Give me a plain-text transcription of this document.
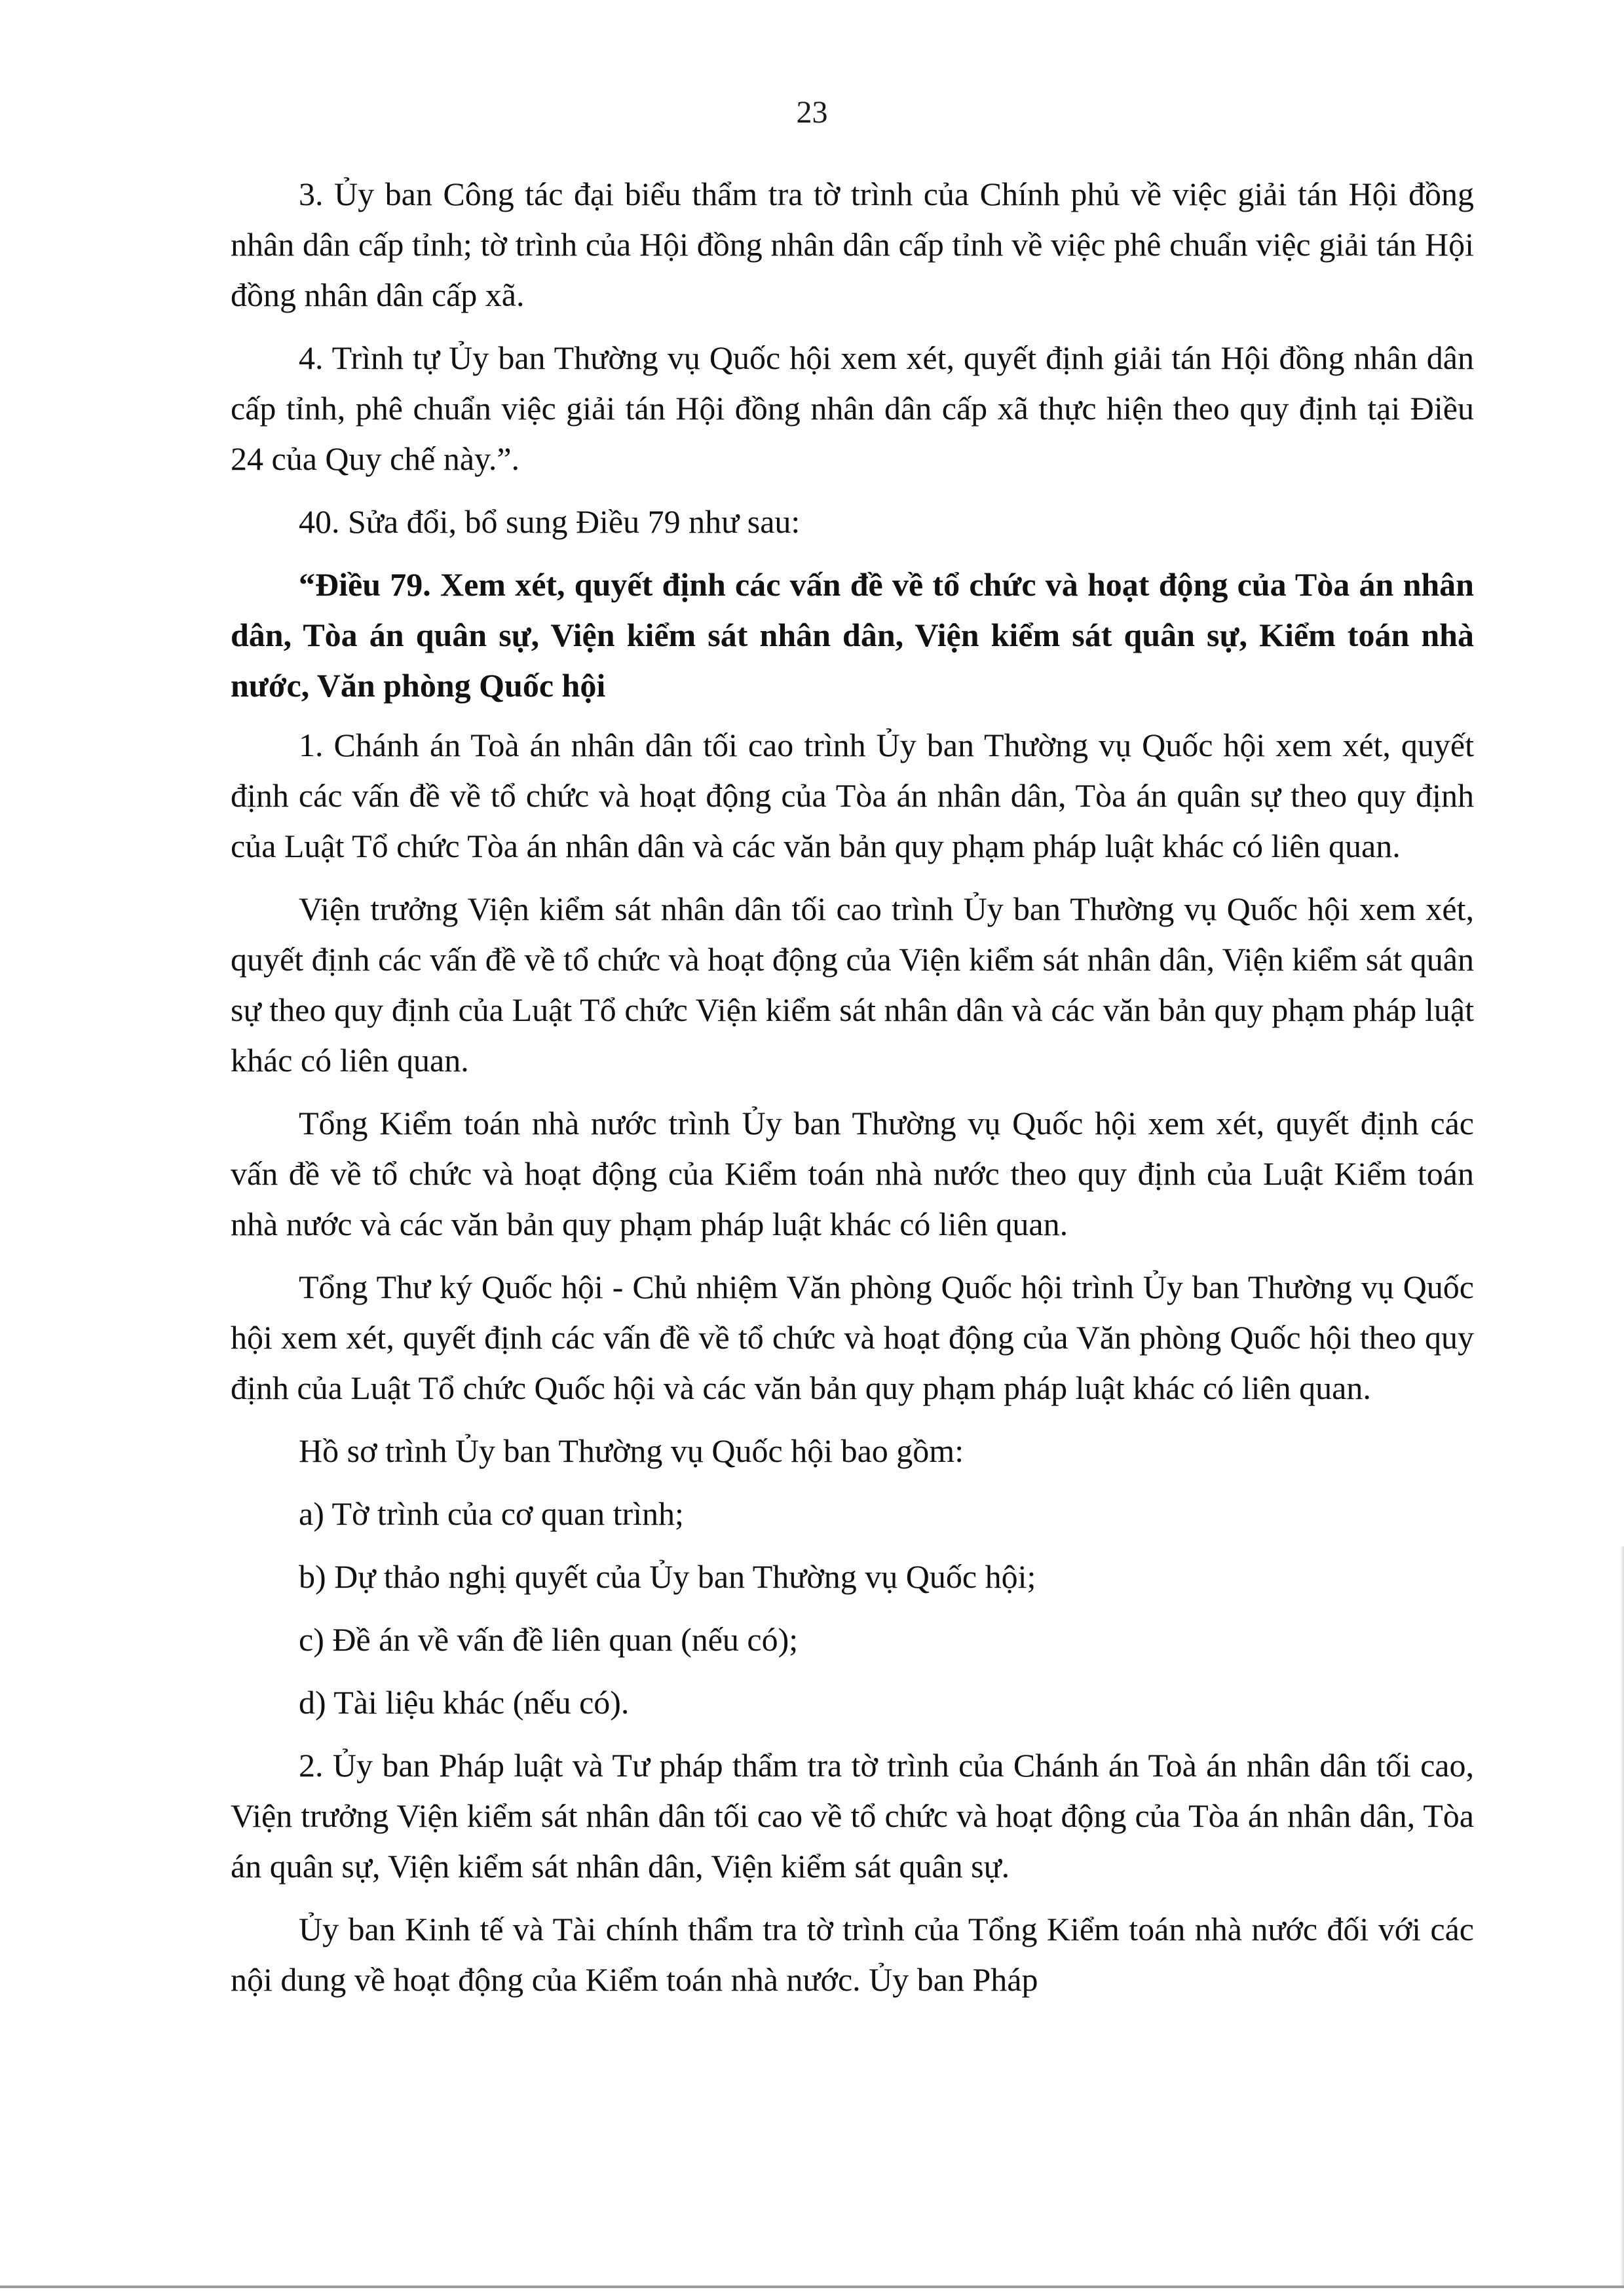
23

3. Ủy ban Công tác đại biểu thẩm tra tờ trình của Chính phủ về việc giải tán Hội đồng nhân dân cấp tỉnh; tờ trình của Hội đồng nhân dân cấp tỉnh về việc phê chuẩn việc giải tán Hội đồng nhân dân cấp xã.

4. Trình tự Ủy ban Thường vụ Quốc hội xem xét, quyết định giải tán Hội đồng nhân dân cấp tỉnh, phê chuẩn việc giải tán Hội đồng nhân dân cấp xã thực hiện theo quy định tại Điều 24 của Quy chế này.”.

40. Sửa đổi, bổ sung Điều 79 như sau:

“Điều 79. Xem xét, quyết định các vấn đề về tổ chức và hoạt động của Tòa án nhân dân, Tòa án quân sự, Viện kiểm sát nhân dân, Viện kiểm sát quân sự, Kiểm toán nhà nước, Văn phòng Quốc hội

1. Chánh án Toà án nhân dân tối cao trình Ủy ban Thường vụ Quốc hội xem xét, quyết định các vấn đề về tổ chức và hoạt động của Tòa án nhân dân, Tòa án quân sự theo quy định của Luật Tổ chức Tòa án nhân dân và các văn bản quy phạm pháp luật khác có liên quan.

Viện trưởng Viện kiểm sát nhân dân tối cao trình Ủy ban Thường vụ Quốc hội xem xét, quyết định các vấn đề về tổ chức và hoạt động của Viện kiểm sát nhân dân, Viện kiểm sát quân sự theo quy định của Luật Tổ chức Viện kiểm sát nhân dân và các văn bản quy phạm pháp luật khác có liên quan.

Tổng Kiểm toán nhà nước trình Ủy ban Thường vụ Quốc hội xem xét, quyết định các vấn đề về tổ chức và hoạt động của Kiểm toán nhà nước theo quy định của Luật Kiểm toán nhà nước và các văn bản quy phạm pháp luật khác có liên quan.

Tổng Thư ký Quốc hội - Chủ nhiệm Văn phòng Quốc hội trình Ủy ban Thường vụ Quốc hội xem xét, quyết định các vấn đề về tổ chức và hoạt động của Văn phòng Quốc hội theo quy định của Luật Tổ chức Quốc hội và các văn bản quy phạm pháp luật khác có liên quan.

Hồ sơ trình Ủy ban Thường vụ Quốc hội bao gồm:

a) Tờ trình của cơ quan trình;

b) Dự thảo nghị quyết của Ủy ban Thường vụ Quốc hội;

c) Đề án về vấn đề liên quan (nếu có);

d) Tài liệu khác (nếu có).

2. Ủy ban Pháp luật và Tư pháp thẩm tra tờ trình của Chánh án Toà án nhân dân tối cao, Viện trưởng Viện kiểm sát nhân dân tối cao về tổ chức và hoạt động của Tòa án nhân dân, Tòa án quân sự, Viện kiểm sát nhân dân, Viện kiểm sát quân sự.

Ủy ban Kinh tế và Tài chính thẩm tra tờ trình của Tổng Kiểm toán nhà nước đối với các nội dung về hoạt động của Kiểm toán nhà nước. Ủy ban Pháp
